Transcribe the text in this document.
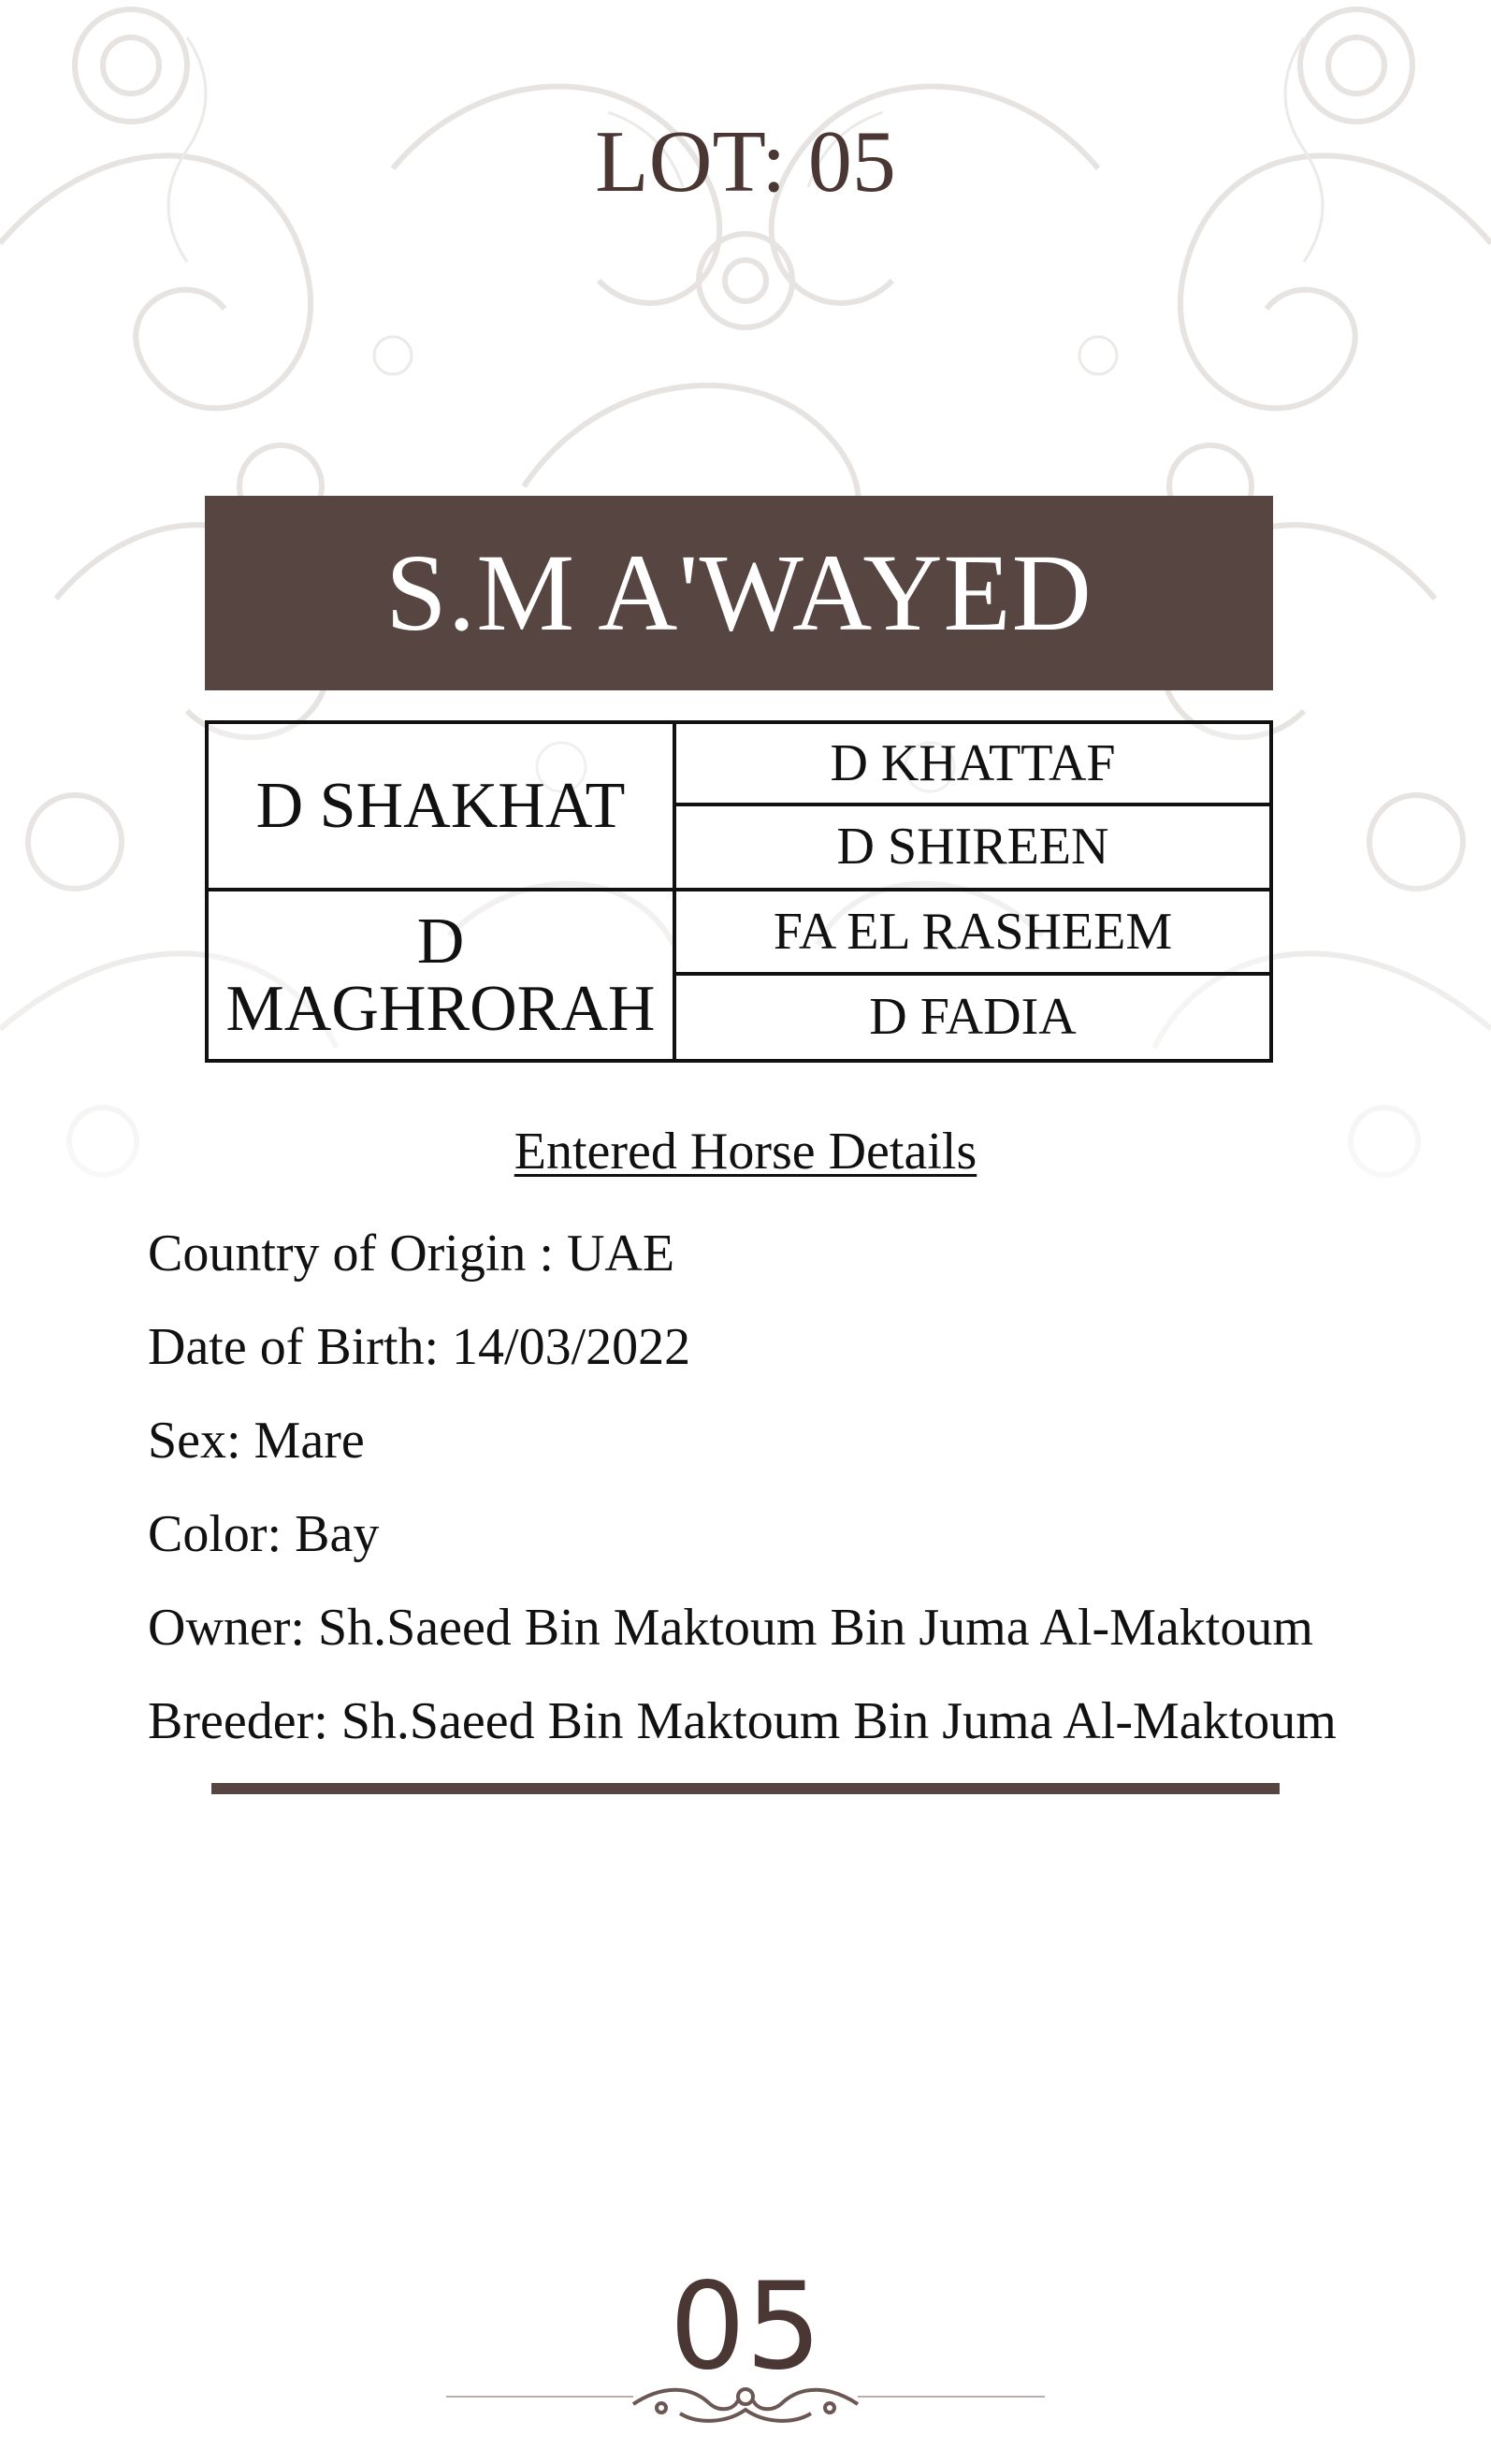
LOT: 05
S.M A'WAYED
D SHAKHAT
D KHATTAF
D SHIREEN
D MAGHRORAH
FA EL RASHEEM
D FADIA
Entered Horse Details
Country of Origin : UAE
Date of Birth: 14/03/2022
Sex: Mare
Color: Bay
Owner: Sh.Saeed Bin Maktoum Bin Juma Al-Maktoum
Breeder: Sh.Saeed Bin Maktoum Bin Juma Al-Maktoum
05
